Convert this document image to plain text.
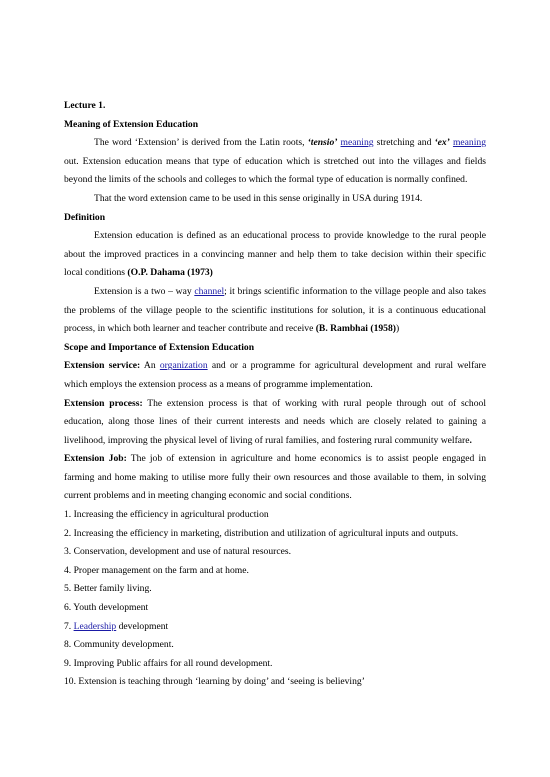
Lecture 1.

Meaning of Extension Education

The word ‘Extension’ is derived from the Latin roots, ‘tensio’ meaning stretching and ‘ex’ meaning out. Extension education means that type of education which is stretched out into the villages and fields beyond the limits of the schools and colleges to which the formal type of education is normally confined.

That the word extension came to be used in this sense originally in USA during 1914.

Definition

Extension education is defined as an educational process to provide knowledge to the rural people about the improved practices in a convincing manner and help them to take decision within their specific local conditions (O.P. Dahama (1973)

Extension is a two – way channel; it brings scientific information to the village people and also takes the problems of the village people to the scientific institutions for solution, it is a continuous educational process, in which both learner and teacher contribute and receive (B. Rambhai (1958))

Scope and Importance of Extension Education

Extension service: An organization and or a programme for agricultural development and rural welfare which employs the extension process as a means of programme implementation.

Extension process: The extension process is that of working with rural people through out of school education, along those lines of their current interests and needs which are closely related to gaining a livelihood, improving the physical level of living of rural families, and fostering rural community welfare.

Extension Job: The job of extension in agriculture and home economics is to assist people engaged in farming and home making to utilise more fully their own resources and those available to them, in solving current problems and in meeting changing economic and social conditions.

1. Increasing the efficiency in agricultural production

2. Increasing the efficiency in marketing, distribution and utilization of agricultural inputs and outputs.

3. Conservation, development and use of natural resources.

4. Proper management on the farm and at home.

5. Better family living.

6. Youth development

7. Leadership development

8. Community development.

9. Improving Public affairs for all round development.

10. Extension is teaching through ‘learning by doing’ and ‘seeing is believing’
